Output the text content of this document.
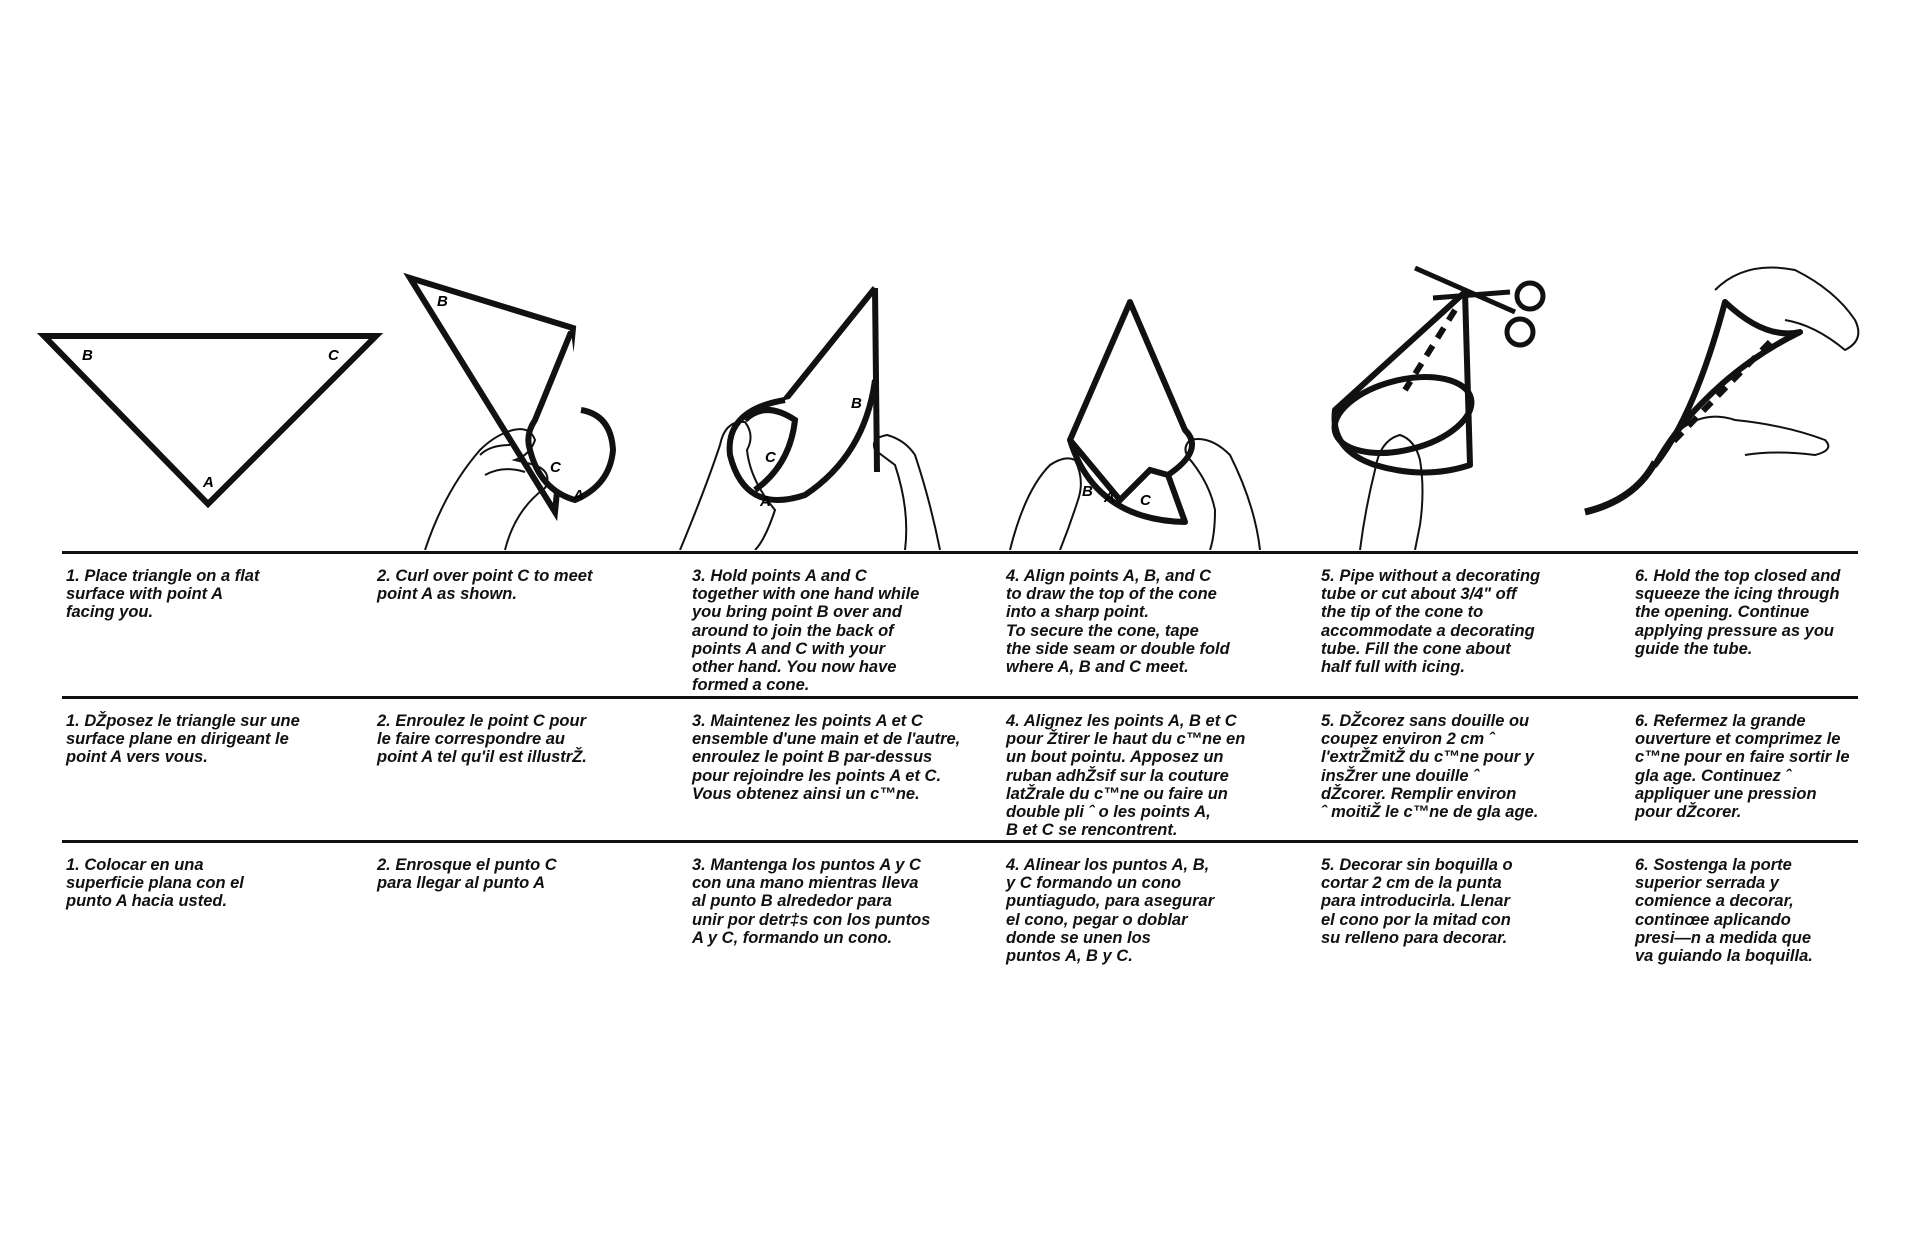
B	C
A
B
C
A
B
C
A
B A C
1. Place triangle on a flat
surface with point A
facing you.
2. Curl over point C to meet
point A as shown.
3. Hold points A and C
together with one hand while
you bring point B over and
around to join the back of
points A and C with your
other hand. You now have
formed a cone.
4. Align points A, B, and C
to draw the top of the cone
into a sharp point.
To secure the cone, tape
the side seam or double fold
where A, B and C meet.
5. Pipe without a decorating
tube or cut about 3/4" off
the tip of the cone to
accommodate a decorating
tube. Fill the cone about
half full with icing.
6. Hold the top closed and
squeeze the icing through
the opening. Continue
applying pressure as you
guide the tube.
1. DŽposez le triangle sur une
surface plane en dirigeant le
point A vers vous.
2. Enroulez le point C pour
le faire correspondre au
point A tel qu'il est illustrŽ.
3. Maintenez les points A et C
ensemble d'une main et de l'autre,
enroulez le point B par-dessus
pour rejoindre les points A et C.
Vous obtenez ainsi un c™ne.
4. Alignez les points A, B et C
pour Žtirer le haut du c™ne en
un bout pointu. Apposez un
ruban adhŽsif sur la couture
latŽrale du c™ne ou faire un
double pli ˆ o les points A,
B et C se rencontrent.
5. DŽcorez sans douille ou
coupez environ 2 cm ˆ
l'extrŽmitŽ du c™ne pour y
insŽrer une douille ˆ
dŽcorer. Remplir environ
ˆ moitiŽ le c™ne de gla age.
6. Refermez la grande
ouverture et comprimez le
c™ne pour en faire sortir le
gla age. Continuez ˆ
appliquer une pression
pour dŽcorer.
1. Colocar en una
superficie plana con el
punto A hacia usted.
2. Enrosque el punto C
para llegar al punto A
3. Mantenga los puntos A y C
con una mano mientras lleva
al punto B alrededor para
unir por detr‡s con los puntos
A y C, formando un cono.
4. Alinear los puntos A, B,
y C formando un cono
puntiagudo, para asegurar
el cono, pegar o doblar
donde se unen los
puntos A, B y C.
5. Decorar sin boquilla o
cortar 2 cm de la punta
para introducirla. Llenar
el cono por la mitad con
su relleno para decorar.
6. Sostenga la porte
superior serrada y
comience a decorar,
continœe aplicando
presi—n a medida que
va guiando la boquilla.
